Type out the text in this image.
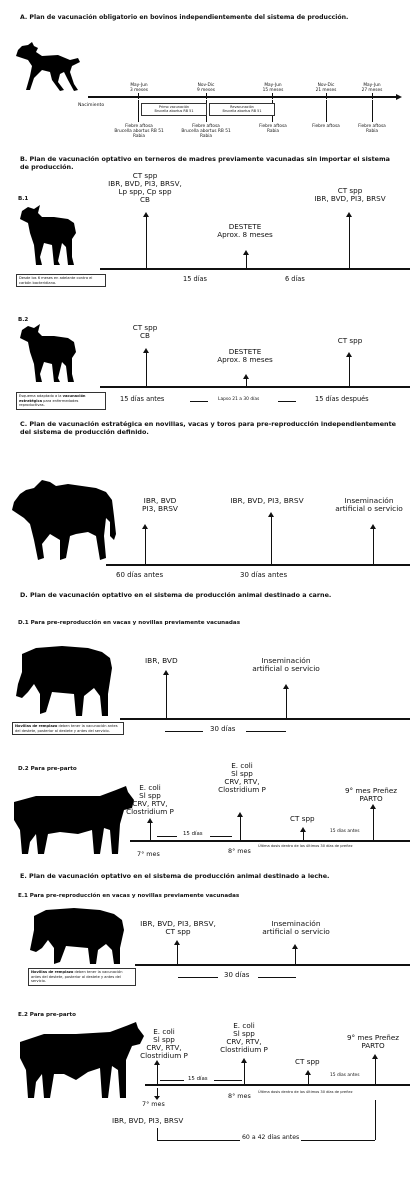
A. Plan de vacunación obligatorio en bovinos independientemente del sistema de producción.
Nacimiento
May-Jun
3 meses
Fiebre aftosa
Brucella abortus RB 51
Rabia
Nov-Dic
9 meses
Fiebre aftosa
Brucella abortus RB 51
Rabia
May-Jun
15 meses
Fiebre aftosa
Rabia
Nov-Dic
21 meses
Fiebre aftosa
May-Jun
27 meses
Fiebre aftosa
Rabia
Primo vacunación
Brucella abortus RB 51
Revacunación
Brucella abortus RB 51
B. Plan de vacunación optativo en terneros de madres previamente vacunadas sin importar el sistema de producción.
B.1
Desde los 6 meses en adelante contra el carbón bacteridiano.
CT spp
IBR, BVD, PI3, BRSV,
Lp spp, Cp spp
CB
DESTETE
Aprox. 8 meses
CT spp
IBR, BVD, PI3, BRSV
15 días	6 días
B.2
Esquema adaptado a la vacunación estratégica para enfermedades reproductivas.
CT spp
CB
DESTETE
Aprox. 8 meses
CT spp
15 días antes	Lapso 21 a 30 días	15 días después
C. Plan de vacunación estratégica en novillas, vacas y toros para pre-reproducción independientemente del sistema de producción definido.
IBR, BVD
PI3, BRSV
IBR, BVD, PI3, BRSV	Inseminación
artificial o servicio
60 días antes	30 días antes
D. Plan de vacunación optativo en el sistema de producción animal destinado a carne.
D.1 Para pre-reproducción en vacas y novillas previamente vacunadas
Novillas de remplazo deben tener la vacunación antes del destete, posterior al destete y antes del servicio.
IBR, BVD	Inseminación
artificial o servicio
30 días
D.2 Para pre-parto
E. coli
Sl spp
CRV, RTV,
Clostridium P
E. coli
Sl spp
CRV, RTV,
Clostridium P
CT spp
9° mes Preñez
PARTO
7° mes	8° mes
15 días	15 días antes
Última dosis dentro de los últimos 30 días de preñez
E. Plan de vacunación optativo en el sistema de producción animal destinado a leche.
E.1 Para pre-reproducción en vacas y novillas previamente vacunadas
Novillas de remplazo deben tener la vacunación antes del destete, posterior al destete y antes del servicio.
IBR, BVD, PI3, BRSV,
CT spp
Inseminación
artificial o servicio
30 días
E.2 Para pre-parto
E. coli
Sl spp
CRV, RTV,
Clostridium P
E. coli
Sl spp
CRV, RTV,
Clostridium P
CT spp
9° mes Preñez
PARTO
15 días
15 días antes
Última dosis dentro de los últimos 30 días de preñez
7° mes
8° mes
IBR, BVD, PI3, BRSV
60 a 42 días antes
